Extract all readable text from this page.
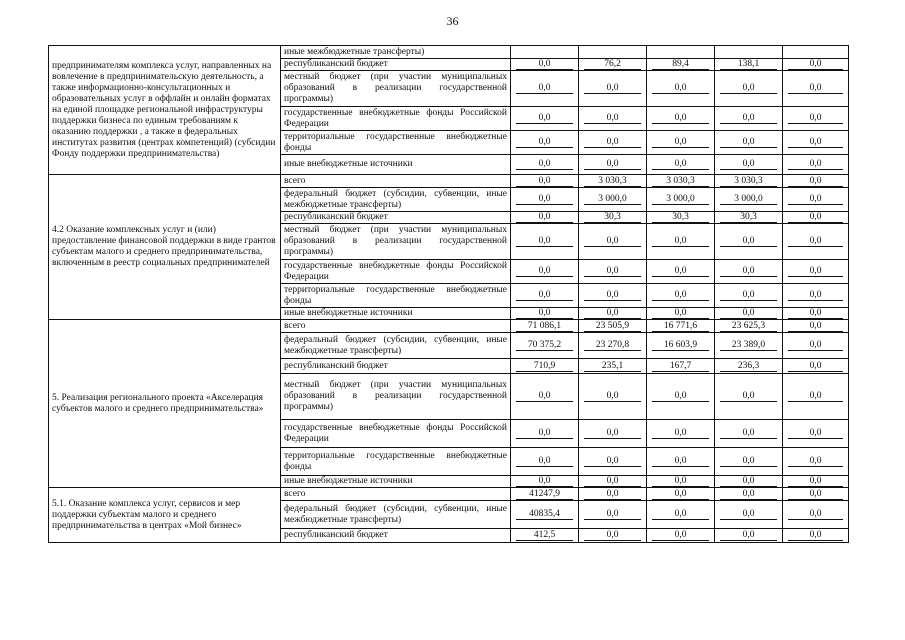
36
предпринимателям комплекса услуг, направленных на вовлечение в предпринимательскую деятельность, а также информационно-консультационных и образовательных услуг в оффлайн и онлайн форматах на единой площадке региональной инфраструктуры поддержки бизнеса по единым требованиям к оказанию поддержки , а также в федеральных институтах развития (центрах компетенций) (субсидии Фонду поддержки предпринимательства)	иные межбюджетные трансферты)	

	республиканский бюджет	0,0	76,2	89,4	138,1	0,0

	местный бюджет (при участии муниципальных образований в реализации государственной программы)	0,0	0,0	0,0	0,0	0,0

	государственные внебюджетные фонды Российской Федерации	0,0	0,0	0,0	0,0	0,0

	территориальные государственные внебюджетные фонды	0,0	0,0	0,0	0,0	0,0

	иные внебюджетные источники	0,0	0,0	0,0	0,0	0,0

4.2 Оказание комплексных услуг и (или) предоставление финансовой поддержки в виде грантов субъектам малого и среднего предпринимательства, включенным в реестр социальных предпринимателей	всего	0,0	3 030,3	3 030,3	3 030,3	0,0

	федеральный бюджет (субсидии, субвенции, иные межбюджетные трансферты)	0,0	3 000,0	3 000,0	3 000,0	0,0

	республиканский бюджет	0,0	30,3	30,3	30,3	0,0

	местный бюджет (при участии муниципальных образований в реализации государственной программы)	0,0	0,0	0,0	0,0	0,0

	государственные внебюджетные фонды Российской Федерации	0,0	0,0	0,0	0,0	0,0

	территориальные государственные внебюджетные фонды	0,0	0,0	0,0	0,0	0,0

	иные внебюджетные источники	0,0	0,0	0,0	0,0	0,0

5. Реализация регионального проекта «Акселерация субъектов малого и среднего предпринимательства»	всего	71 086,1	23 505,9	16 771,6	23 625,3	0,0

	федеральный бюджет (субсидии, субвенции, иные межбюджетные трансферты)	70 375,2	23 270,8	16 603,9	23 389,0	0,0

	республиканский бюджет	710,9	235,1	167,7	236,3	0,0

	местный бюджет (при участии муниципальных образований в реализации государственной программы)	0,0	0,0	0,0	0,0	0,0

	государственные внебюджетные фонды Российской Федерации	0,0	0,0	0,0	0,0	0,0

	территориальные государственные внебюджетные фонды	0,0	0,0	0,0	0,0	0,0

	иные внебюджетные источники	0,0	0,0	0,0	0,0	0,0

5.1. Оказание комплекса услуг, сервисов и мер поддержки субъектам малого и среднего предпринимательства в центрах «Мой бизнес»	всего	41247,9	0,0	0,0	0,0	0,0

	федеральный бюджет (субсидии, субвенции, иные межбюджетные трансферты)	40835,4	0,0	0,0	0,0	0,0

	республиканский бюджет	412,5	0,0	0,0	0,0	0,0
